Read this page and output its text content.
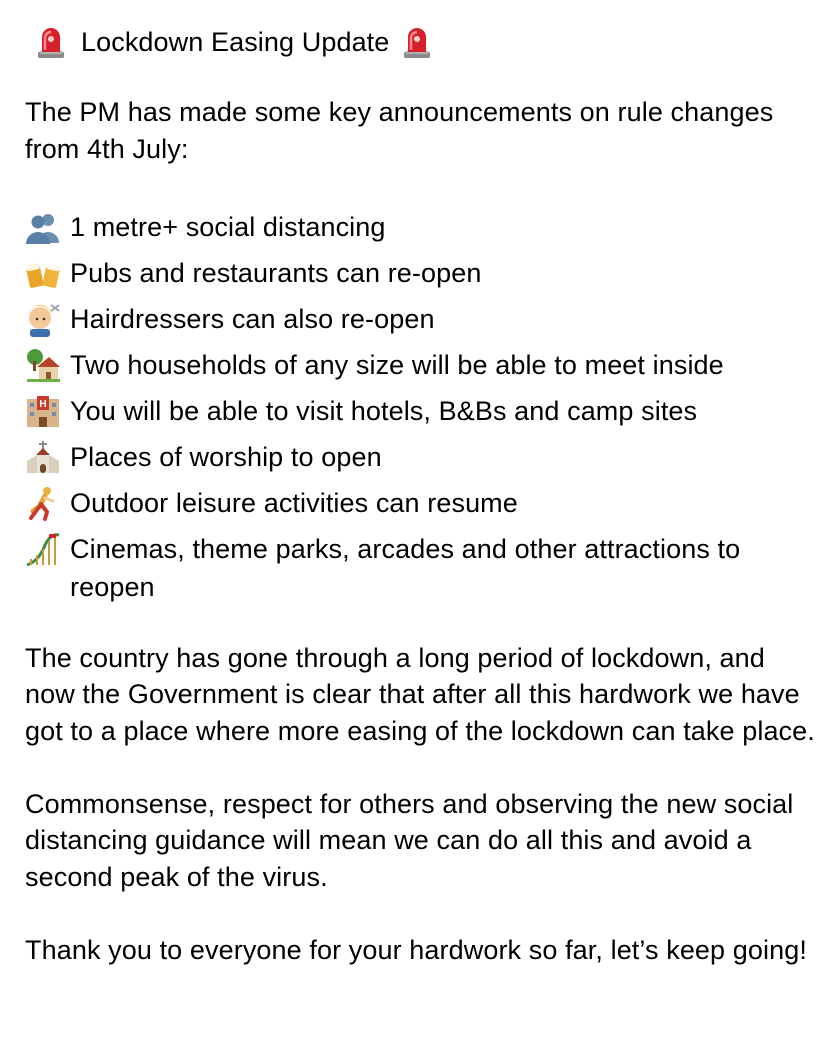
Lockdown Easing Update

The PM has made some key announcements on rule changes from 4th July:

1 metre+ social distancing
Pubs and restaurants can re-open
Hairdressers can also re-open
Two households of any size will be able to meet inside
H You will be able to visit hotels, B&Bs and camp sites
Places of worship to open
Outdoor leisure activities can resume
Cinemas, theme parks, arcades and other attractions to reopen

The country has gone through a long period of lockdown, and now the Government is clear that after all this hardwork we have got to a place where more easing of the lockdown can take place.

Commonsense, respect for others and observing the new social distancing guidance will mean we can do all this and avoid a second peak of the virus.

Thank you to everyone for your hardwork so far, let’s keep going!
